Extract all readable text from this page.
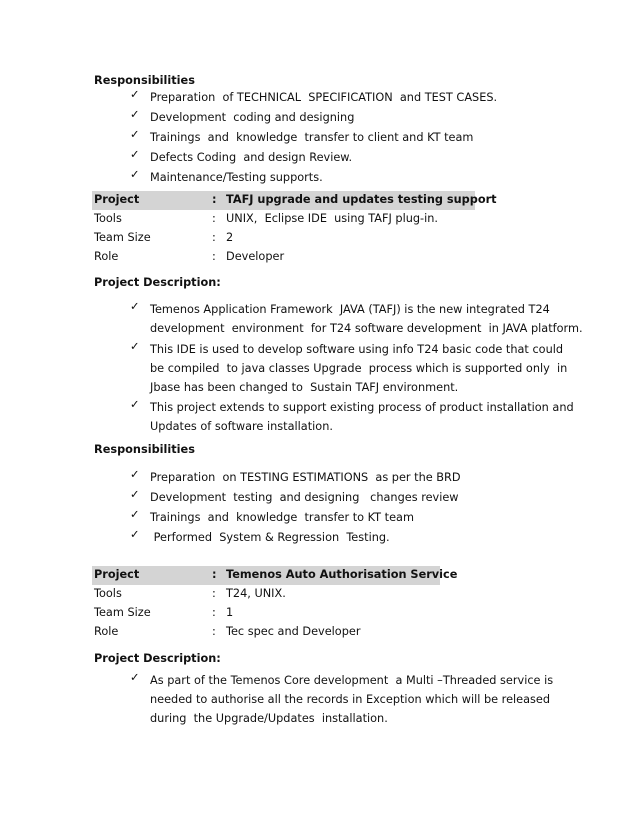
Responsibilities
✓ Preparation  of TECHNICAL  SPECIFICATION  and TEST CASES.
✓ Development  coding and designing
✓ Trainings  and  knowledge  transfer to client and KT team
✓ Defects Coding  and design Review.
✓ Maintenance/Testing supports.
Project	: TAFJ upgrade and updates testing support
Tools	: UNIX,  Eclipse IDE  using TAFJ plug-in.
Team Size	: 2
Role	: Developer
Project Description:
✓ Temenos Application Framework  JAVA (TAFJ) is the new integrated T24
development  environment  for T24 software development  in JAVA platform.
✓ This IDE is used to develop software using info T24 basic code that could
be compiled  to java classes Upgrade  process which is supported only  in
Jbase has been changed to  Sustain TAFJ environment.
✓ This project extends to support existing process of product installation and
Updates of software installation.
Responsibilities
✓ Preparation  on TESTING ESTIMATIONS  as per the BRD
✓ Development  testing  and designing   changes review
✓ Trainings  and  knowledge  transfer to KT team
✓ Performed  System & Regression  Testing.
Project	: Temenos Auto Authorisation Service
Tools	: T24, UNIX.
Team Size	: 1
Role	: Tec spec and Developer
Project Description:
✓ As part of the Temenos Core development  a Multi –Threaded service is
needed to authorise all the records in Exception which will be released
during  the Upgrade/Updates  installation.
